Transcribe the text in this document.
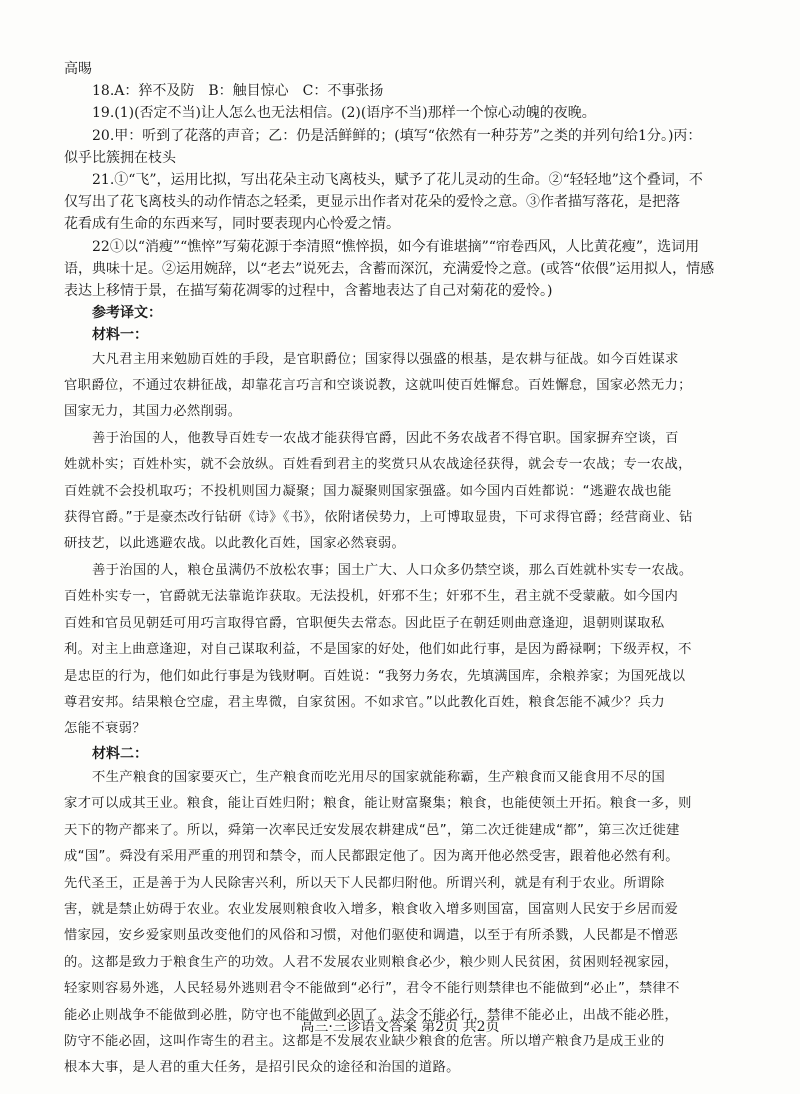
高晹
18.A：猝不及防　B：触目惊心　C：不事张扬
19.(1)(否定不当)让人怎么也无法相信。(2)(语序不当)那样一个惊心动魄的夜晚。
20.甲：听到了花落的声音；乙：仍是活鲜鲜的；(填写“依然有一种芬芳”之类的并列句给1分。)丙：
似乎比簇拥在枝头
21.①“飞”，运用比拟，写出花朵主动飞离枝头，赋予了花儿灵动的生命。②“轻轻地”这个叠词，不
仅写出了花飞离枝头的动作情态之轻柔，更显示出作者对花朵的爱怜之意。③作者描写落花，是把落
花看成有生命的东西来写，同时要表现内心怜爱之情。
22①以“消瘦”“憔悴”写菊花源于李清照“憔悴损，如今有谁堪摘”“帘卷西风，人比黄花瘦”，选词用
语，典味十足。②运用婉辞，以“老去”说死去，含蓄而深沉，充满爱怜之意。(或答“依偎”运用拟人，情感
表达上移情于景，在描写菊花凋零的过程中，含蓄地表达了自己对菊花的爱怜。)
参考译文：
材料一：
大凡君主用来勉励百姓的手段，是官职爵位；国家得以强盛的根基，是农耕与征战。如今百姓谋求
官职爵位，不通过农耕征战，却靠花言巧言和空谈说教，这就叫使百姓懈怠。百姓懈怠，国家必然无力；
国家无力，其国力必然削弱。
善于治国的人，他教导百姓专一农战才能获得官爵，因此不务农战者不得官职。国家摒弃空谈，百
姓就朴实；百姓朴实，就不会放纵。百姓看到君主的奖赏只从农战途径获得，就会专一农战；专一农战，
百姓就不会投机取巧；不投机则国力凝聚；国力凝聚则国家强盛。如今国内百姓都说：“逃避农战也能
获得官爵。”于是豪杰改行钻研《诗》《书》，依附诸侯势力，上可博取显贵，下可求得官爵；经营商业、钻
研技艺，以此逃避农战。以此教化百姓，国家必然衰弱。
善于治国的人，粮仓虽满仍不放松农事；国土广大、人口众多仍禁空谈，那么百姓就朴实专一农战。
百姓朴实专一，官爵就无法靠诡诈获取。无法投机，奸邪不生；奸邪不生，君主就不受蒙蔽。如今国内
百姓和官员见朝廷可用巧言取得官爵，官职便失去常态。因此臣子在朝廷则曲意逢迎，退朝则谋取私
利。对主上曲意逢迎，对自己谋取利益，不是国家的好处，他们如此行事，是因为爵禄啊；下级弄权，不
是忠臣的行为，他们如此行事是为钱财啊。百姓说：“我努力务农，先填满国库，余粮养家；为国死战以
尊君安邦。结果粮仓空虚，君主卑微，自家贫困。不如求官。”以此教化百姓，粮食怎能不减少？兵力
怎能不衰弱？
材料二：
不生产粮食的国家要灭亡，生产粮食而吃光用尽的国家就能称霸，生产粮食而又能食用不尽的国
家才可以成其王业。粮食，能让百姓归附；粮食，能让财富聚集；粮食，也能使领土开拓。粮食一多，则
天下的物产都来了。所以，舜第一次率民迁安发展农耕建成“邑”，第二次迁徙建成“都”，第三次迁徙建
成“国”。舜没有采用严重的刑罚和禁令，而人民都跟定他了。因为离开他必然受害，跟着他必然有利。
先代圣王，正是善于为人民除害兴利，所以天下人民都归附他。所谓兴利，就是有利于农业。所谓除
害，就是禁止妨碍于农业。农业发展则粮食收入增多，粮食收入增多则国富，国富则人民安于乡居而爱
惜家园，安乡爱家则虽改变他们的风俗和习惯，对他们驱使和调遣，以至于有所杀戮，人民都是不憎恶
的。这都是致力于粮食生产的功效。人君不发展农业则粮食必少，粮少则人民贫困，贫困则轻视家园，
轻家则容易外逃，人民轻易外逃则君令不能做到“必行”，君令不能行则禁律也不能做到“必止”，禁律不
能必止则战争不能做到必胜，防守也不能做到必固了。法令不能必行，禁律不能必止，出战不能必胜，
防守不能必固，这叫作寄生的君主。这都是不发展农业缺少粮食的危害。所以增产粮食乃是成王业的
根本大事，是人君的重大任务，是招引民众的途径和治国的道路。
高三·三诊语文答案 第2页 共2页
